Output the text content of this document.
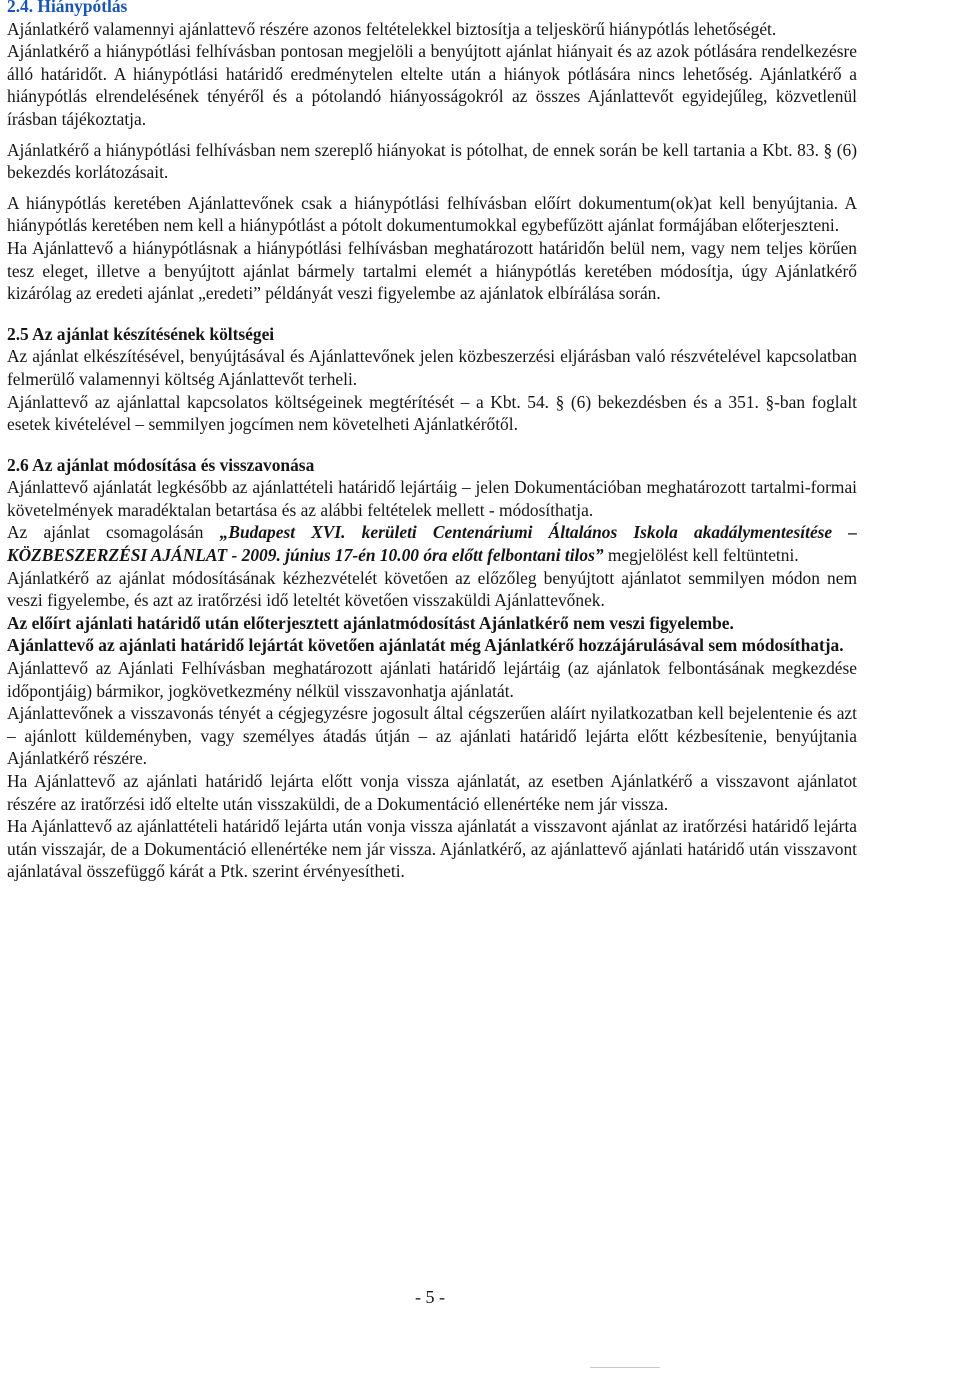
2.4. Hiánypótlás

Ajánlatkérő valamennyi ajánlattevő részére azonos feltételekkel biztosítja a teljeskörű hiánypótlás lehetőségét.

Ajánlatkérő a hiánypótlási felhívásban pontosan megjelöli a benyújtott ajánlat hiányait és az azok pótlására rendelkezésre álló határidőt. A hiánypótlási határidő eredménytelen eltelte után a hiányok pótlására nincs lehetőség. Ajánlatkérő a hiánypótlás elrendelésének tényéről és a pótolandó hiányosságokról az összes Ajánlattevőt egyidejűleg, közvetlenül írásban tájékoztatja.

Ajánlatkérő a hiánypótlási felhívásban nem szereplő hiányokat is pótolhat, de ennek során be kell tartania a Kbt. 83. § (6) bekezdés korlátozásait.

A hiánypótlás keretében Ajánlattevőnek csak a hiánypótlási felhívásban előírt dokumentum(ok)at kell benyújtania. A hiánypótlás keretében nem kell a hiánypótlást a pótolt dokumentumokkal egybefűzött ajánlat formájában előterjeszteni.

Ha Ajánlattevő a hiánypótlásnak a hiánypótlási felhívásban meghatározott határidőn belül nem, vagy nem teljes körűen tesz eleget, illetve a benyújtott ajánlat bármely tartalmi elemét a hiánypótlás keretében módosítja, úgy Ajánlatkérő kizárólag az eredeti ajánlat „eredeti” példányát veszi figyelembe az ajánlatok elbírálása során.

2.5 Az ajánlat készítésének költségei

Az ajánlat elkészítésével, benyújtásával és Ajánlattevőnek jelen közbeszerzési eljárásban való részvételével kapcsolatban felmerülő valamennyi költség Ajánlattevőt terheli.

Ajánlattevő az ajánlattal kapcsolatos költségeinek megtérítését – a Kbt. 54. § (6) bekezdésben és a 351. §-ban foglalt esetek kivételével – semmilyen jogcímen nem követelheti Ajánlatkérőtől.

2.6 Az ajánlat módosítása és visszavonása

Ajánlattevő ajánlatát legkésőbb az ajánlattételi határidő lejártáig – jelen Dokumentációban meghatározott tartalmi-formai követelmények maradéktalan betartása és az alábbi feltételek mellett - módosíthatja.

Az ajánlat csomagolásán „Budapest XVI. kerületi Centenáriumi Általános Iskola akadálymentesítése – KÖZBESZERZÉSI AJÁNLAT - 2009. június 17-én 10.00 óra előtt felbontani tilos” megjelölést kell feltüntetni.

Ajánlatkérő az ajánlat módosításának kézhezvételét követően az előzőleg benyújtott ajánlatot semmilyen módon nem veszi figyelembe, és azt az iratőrzési idő leteltét követően visszaküldi Ajánlattevőnek.

Az előírt ajánlati határidő után előterjesztett ajánlatmódosítást Ajánlatkérő nem veszi figyelembe.

Ajánlattevő az ajánlati határidő lejártát követően ajánlatát még Ajánlatkérő hozzájárulásával sem módosíthatja.

Ajánlattevő az Ajánlati Felhívásban meghatározott ajánlati határidő lejártáig (az ajánlatok felbontásának megkezdése időpontjáig) bármikor, jogkövetkezmény nélkül visszavonhatja ajánlatát.

Ajánlattevőnek a visszavonás tényét a cégjegyzésre jogosult által cégszerűen aláírt nyilatkozatban kell bejelentenie és azt – ajánlott küldeményben, vagy személyes átadás útján – az ajánlati határidő lejárta előtt kézbesítenie, benyújtania Ajánlatkérő részére.

Ha Ajánlattevő az ajánlati határidő lejárta előtt vonja vissza ajánlatát, az esetben Ajánlatkérő a visszavont ajánlatot részére az iratőrzési idő eltelte után visszaküldi, de a Dokumentáció ellenértéke nem jár vissza.

Ha Ajánlattevő az ajánlattételi határidő lejárta után vonja vissza ajánlatát a visszavont ajánlat az iratőrzési határidő lejárta után visszajár, de a Dokumentáció ellenértéke nem jár vissza. Ajánlatkérő, az ajánlattevő ajánlati határidő után visszavont ajánlatával összefüggő kárát a Ptk. szerint érvényesítheti.

- 5 -
